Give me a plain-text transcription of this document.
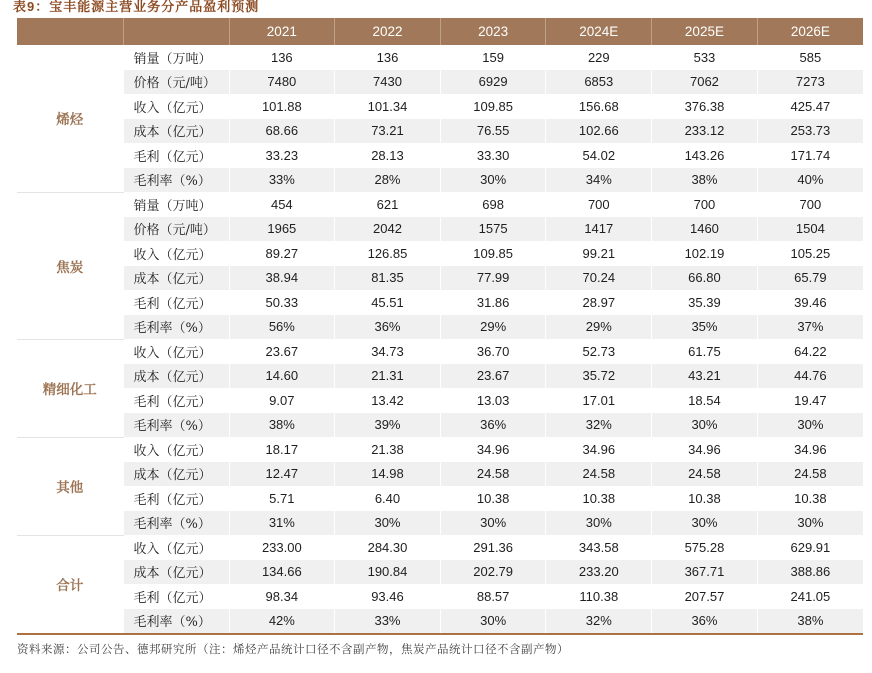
表9：宝丰能源主营业务分产品盈利预测
		2021	2022	2023	2024E	2025E	2026E
烯烃	销量（万吨）	136	136	159	229	533	585
	价格（元/吨）	7480	7430	6929	6853	7062	7273
	收入（亿元）	101.88	101.34	109.85	156.68	376.38	425.47
	成本（亿元）	68.66	73.21	76.55	102.66	233.12	253.73
	毛利（亿元）	33.23	28.13	33.30	54.02	143.26	171.74
	毛利率（%）	33%	28%	30%	34%	38%	40%
焦炭	销量（万吨）	454	621	698	700	700	700
	价格（元/吨）	1965	2042	1575	1417	1460	1504
	收入（亿元）	89.27	126.85	109.85	99.21	102.19	105.25
	成本（亿元）	38.94	81.35	77.99	70.24	66.80	65.79
	毛利（亿元）	50.33	45.51	31.86	28.97	35.39	39.46
	毛利率（%）	56%	36%	29%	29%	35%	37%
精细化工	收入（亿元）	23.67	34.73	36.70	52.73	61.75	64.22
	成本（亿元）	14.60	21.31	23.67	35.72	43.21	44.76
	毛利（亿元）	9.07	13.42	13.03	17.01	18.54	19.47
	毛利率（%）	38%	39%	36%	32%	30%	30%
其他	收入（亿元）	18.17	21.38	34.96	34.96	34.96	34.96
	成本（亿元）	12.47	14.98	24.58	24.58	24.58	24.58
	毛利（亿元）	5.71	6.40	10.38	10.38	10.38	10.38
	毛利率（%）	31%	30%	30%	30%	30%	30%
合计	收入（亿元）	233.00	284.30	291.36	343.58	575.28	629.91
	成本（亿元）	134.66	190.84	202.79	233.20	367.71	388.86
	毛利（亿元）	98.34	93.46	88.57	110.38	207.57	241.05
	毛利率（%）	42%	33%	30%	32%	36%	38%
资料来源：公司公告、德邦研究所（注：烯烃产品统计口径不含副产物，焦炭产品统计口径不含副产物）
